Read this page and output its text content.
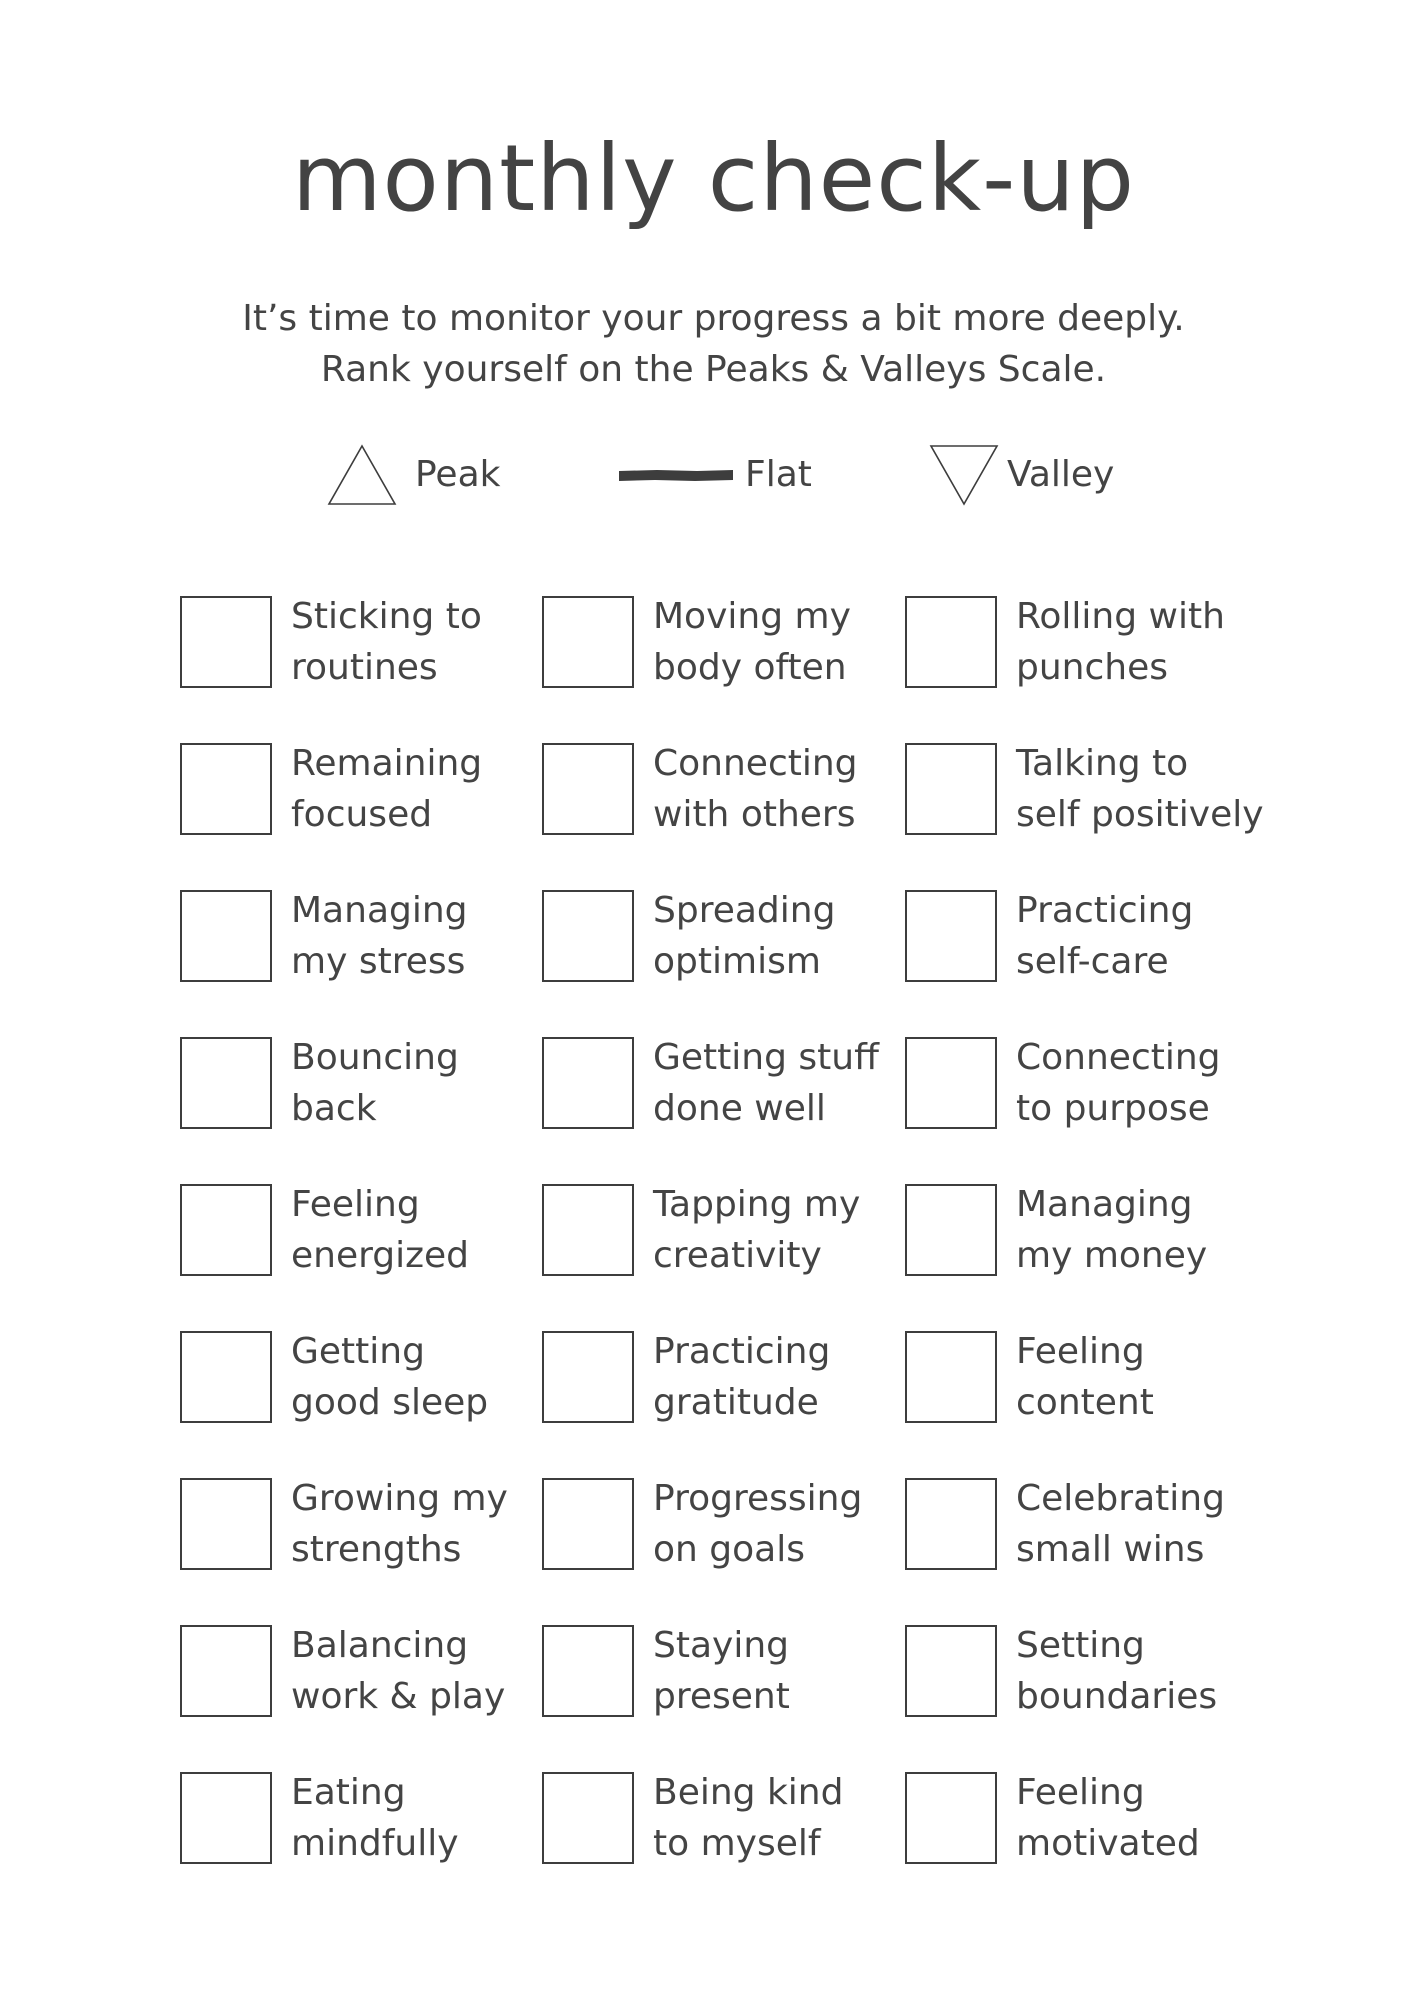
monthly check-up
It’s time to monitor your progress a bit more deeply.
Rank yourself on the Peaks & Valleys Scale.
Peak	Flat	Valley
Sticking to
routines
Moving my
body often
Rolling with
punches
Remaining
focused
Connecting
with others
Talking to
self positively
Managing
my stress
Spreading
optimism
Practicing
self-care
Bouncing
back
Getting stuff
done well
Connecting
to purpose
Feeling
energized
Tapping my
creativity
Managing
my money
Getting
good sleep
Practicing
gratitude
Feeling
content
Growing my
strengths
Progressing
on goals
Celebrating
small wins
Balancing
work & play
Staying
present
Setting
boundaries
Eating
mindfully
Being kind
to myself
Feeling
motivated
